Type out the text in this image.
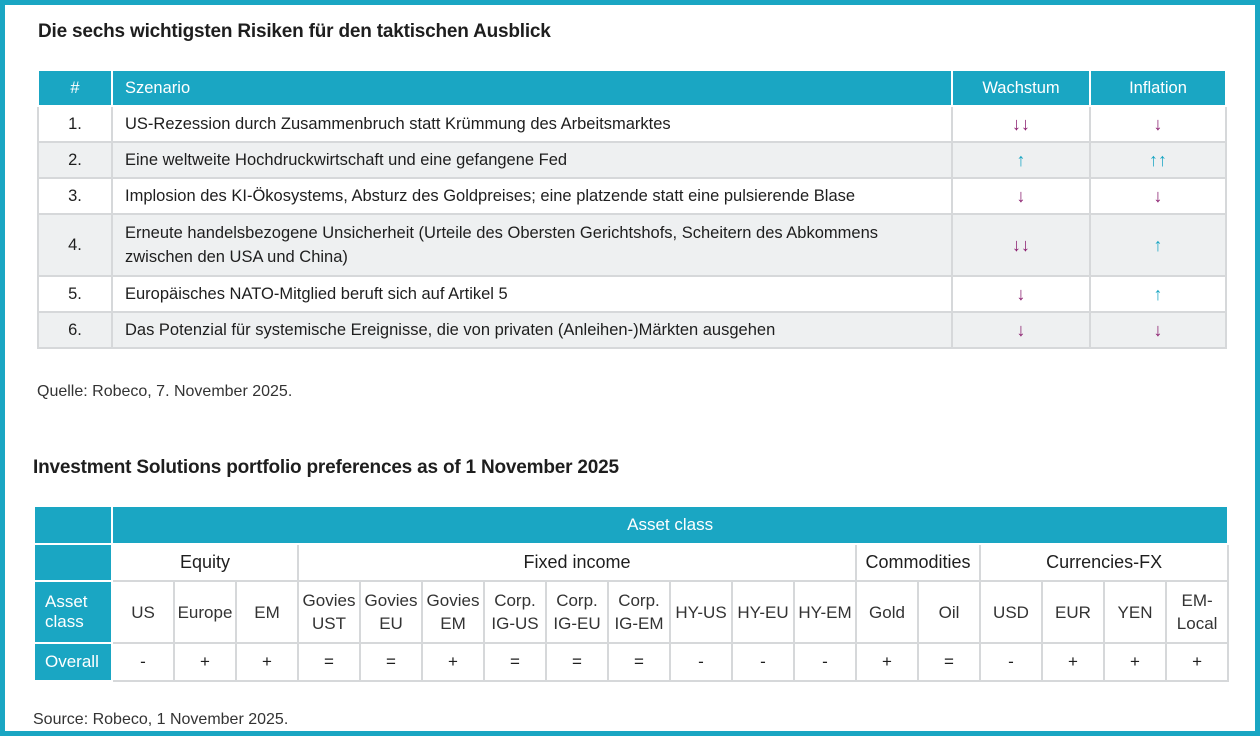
Die sechs wichtigsten Risiken für den taktischen Ausblick
#	Szenario	Wachstum	Inflation
1.	US-Rezession durch Zusammenbruch statt Krümmung des Arbeitsmarktes	↓↓	↓
2.	Eine weltweite Hochdruckwirtschaft und eine gefangene Fed	↑	↑↑
3.	Implosion des KI-Ökosystems, Absturz des Goldpreises; eine platzende statt eine pulsierende Blase	↓	↓
4.	Erneute handelsbezogene Unsicherheit (Urteile des Obersten Gerichtshofs, Scheitern des Abkommens zwischen den USA und China)	↓↓	↑
5.	Europäisches NATO-Mitglied beruft sich auf Artikel 5	↓	↑
6.	Das Potenzial für systemische Ereignisse, die von privaten (Anleihen-)Märkten ausgehen	↓	↓
Quelle: Robeco, 7. November 2025.
Investment Solutions portfolio preferences as of 1 November 2025
	Asset class																	
	Equity			Fixed income									Commodities		Currencies-FX			
Asset class	US	Europe	EM	Govies UST	Govies EU	Govies EM	Corp. IG-US	Corp. IG-EU	Corp. IG-EM	HY-US	HY-EU	HY-EM	Gold	Oil	USD	EUR	YEN	EM-Local
Overall	-	+	+	=	=	+	=	=	=	-	-	-	+	=	-	+	+	+
Source: Robeco, 1 November 2025.
